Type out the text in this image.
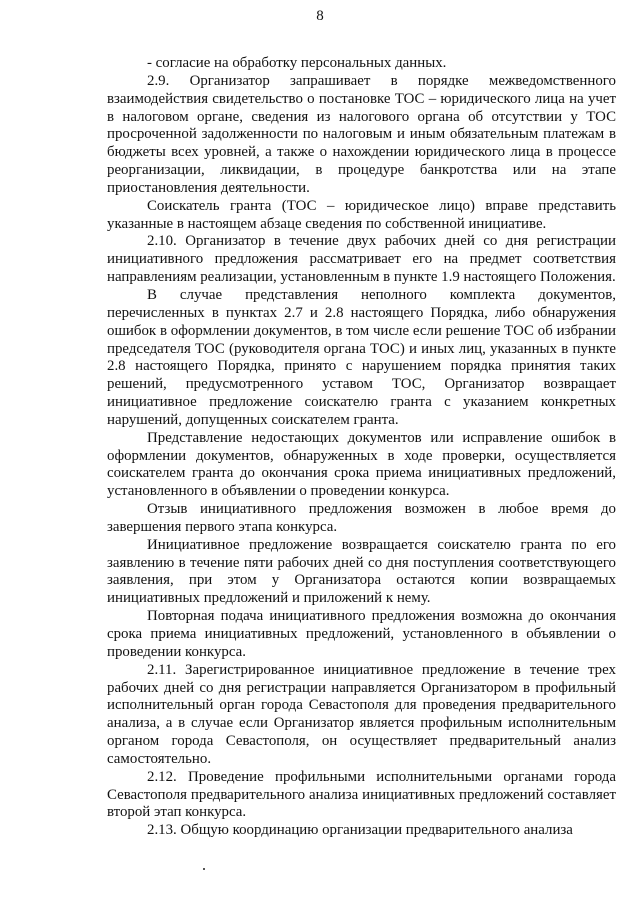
8

- согласие на обработку персональных данных.

2.9. Организатор запрашивает в порядке межведомственного взаимодействия свидетельство о постановке ТОС – юридического лица на учет в налоговом органе, сведения из налогового органа об отсутствии у ТОС просроченной задолженности по налоговым и иным обязательным платежам в бюджеты всех уровней, а также о нахождении юридического лица в процессе реорганизации, ликвидации, в процедуре банкротства или на этапе приостановления деятельности.

Соискатель гранта (ТОС – юридическое лицо) вправе представить указанные в настоящем абзаце сведения по собственной инициативе.

2.10. Организатор в течение двух рабочих дней со дня регистрации инициативного предложения рассматривает его на предмет соответствия направлениям реализации, установленным в пункте 1.9 настоящего Положения.

В случае представления неполного комплекта документов, перечисленных в пунктах 2.7 и 2.8 настоящего Порядка, либо обнаружения ошибок в оформлении документов, в том числе если решение ТОС об избрании председателя ТОС (руководителя органа ТОС) и иных лиц, указанных в пункте 2.8 настоящего Порядка, принято с нарушением порядка принятия таких решений, предусмотренного уставом ТОС, Организатор возвращает инициативное предложение соискателю гранта с указанием конкретных нарушений, допущенных соискателем гранта.

Представление недостающих документов или исправление ошибок в оформлении документов, обнаруженных в ходе проверки, осуществляется соискателем гранта до окончания срока приема инициативных предложений, установленного в объявлении о проведении конкурса.

Отзыв инициативного предложения возможен в любое время до завершения первого этапа конкурса.

Инициативное предложение возвращается соискателю гранта по его заявлению в течение пяти рабочих дней со дня поступления соответствующего заявления, при этом у Организатора остаются копии возвращаемых инициативных предложений и приложений к нему.

Повторная подача инициативного предложения возможна до окончания срока приема инициативных предложений, установленного в объявлении о проведении конкурса.

2.11. Зарегистрированное инициативное предложение в течение трех рабочих дней со дня регистрации направляется Организатором в профильный исполнительный орган города Севастополя для проведения предварительного анализа, а в случае если Организатор является профильным исполнительным органом города Севастополя, он осуществляет предварительный анализ самостоятельно.

2.12. Проведение профильными исполнительными органами города Севастополя предварительного анализа инициативных предложений составляет второй этап конкурса.

2.13. Общую координацию организации предварительного анализа
